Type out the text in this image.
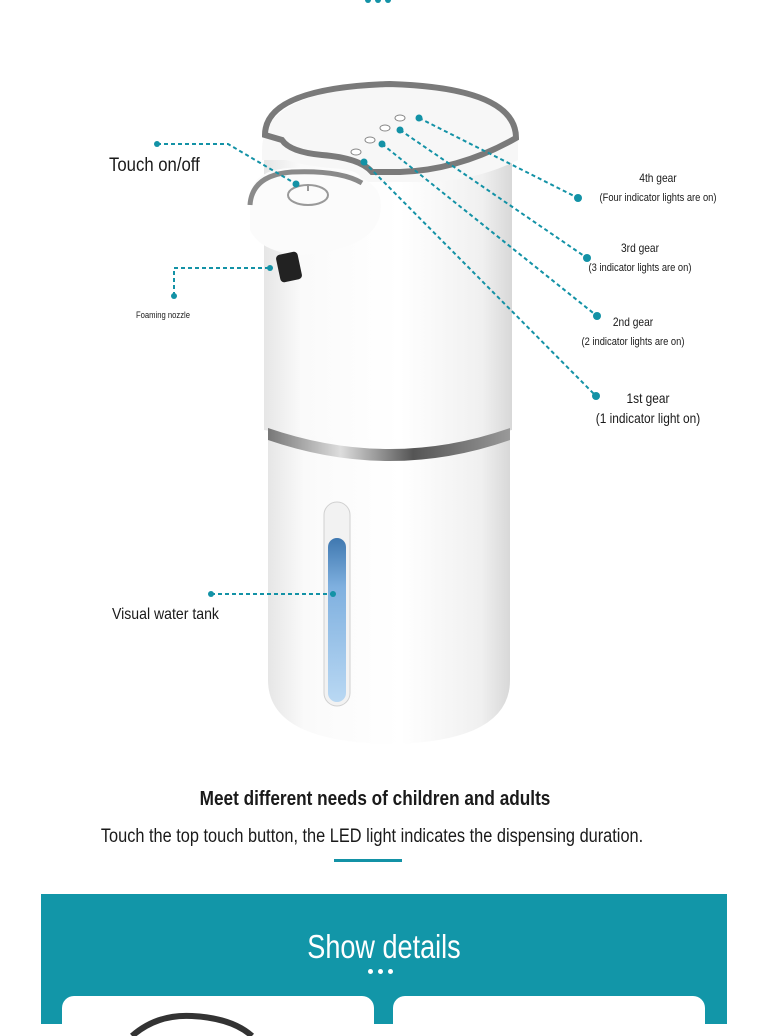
Touch on/off
Foaming nozzle
Visual water tank
4th gear
(Four indicator lights are on)
3rd gear
(3 indicator lights are on)
2nd gear
(2 indicator lights are on)
1st gear
(1 indicator light on)
Meet different needs of children and adults
Touch the top touch button, the LED light indicates the dispensing duration.
Show details
